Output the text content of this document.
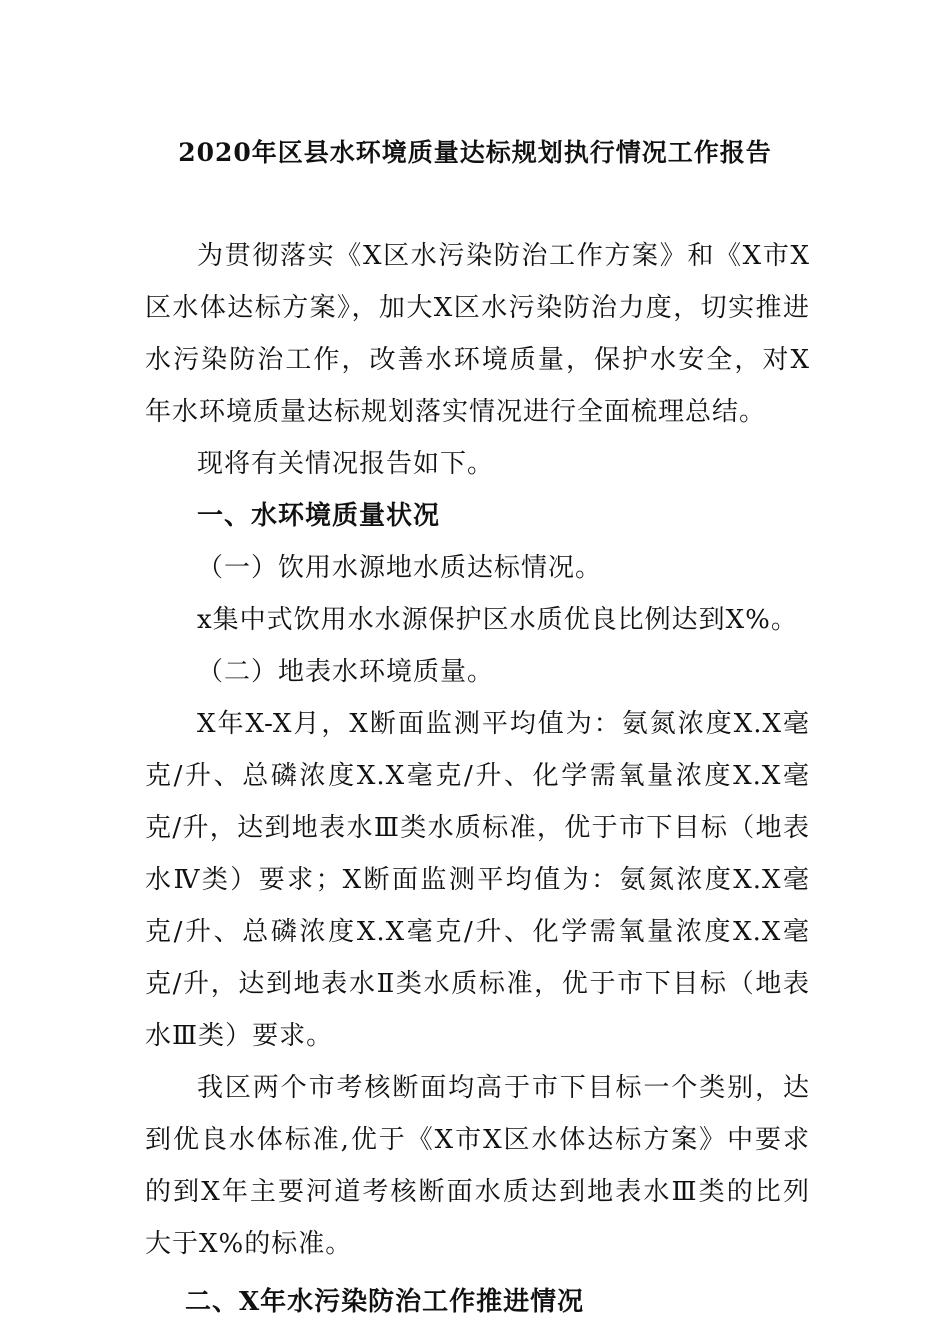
2020年区县水环境质量达标规划执行情况工作报告

为贯彻落实《X区水污染防治工作方案》和《X市X区水体达标方案》，加大X区水污染防治力度，切实推进水污染防治工作，改善水环境质量，保护水安全，对X年水环境质量达标规划落实情况进行全面梳理总结。

现将有关情况报告如下。

一、水环境质量状况

（一）饮用水源地水质达标情况。

x集中式饮用水水源保护区水质优良比例达到X%。

（二）地表水环境质量。

X年X-X月，X断面监测平均值为：氨氮浓度X.X毫克/升、总磷浓度X.X毫克/升、化学需氧量浓度X.X毫克/升，达到地表水Ⅲ类水质标准，优于市下目标（地表水Ⅳ类）要求；X断面监测平均值为：氨氮浓度X.X毫克/升、总磷浓度X.X毫克/升、化学需氧量浓度X.X毫克/升，达到地表水Ⅱ类水质标准，优于市下目标（地表水Ⅲ类）要求。

我区两个市考核断面均高于市下目标一个类别，达到优良水体标准,优于《X市X区水体达标方案》中要求的到X年主要河道考核断面水质达到地表水Ⅲ类的比列大于X%的标准。

二、X年水污染防治工作推进情况
